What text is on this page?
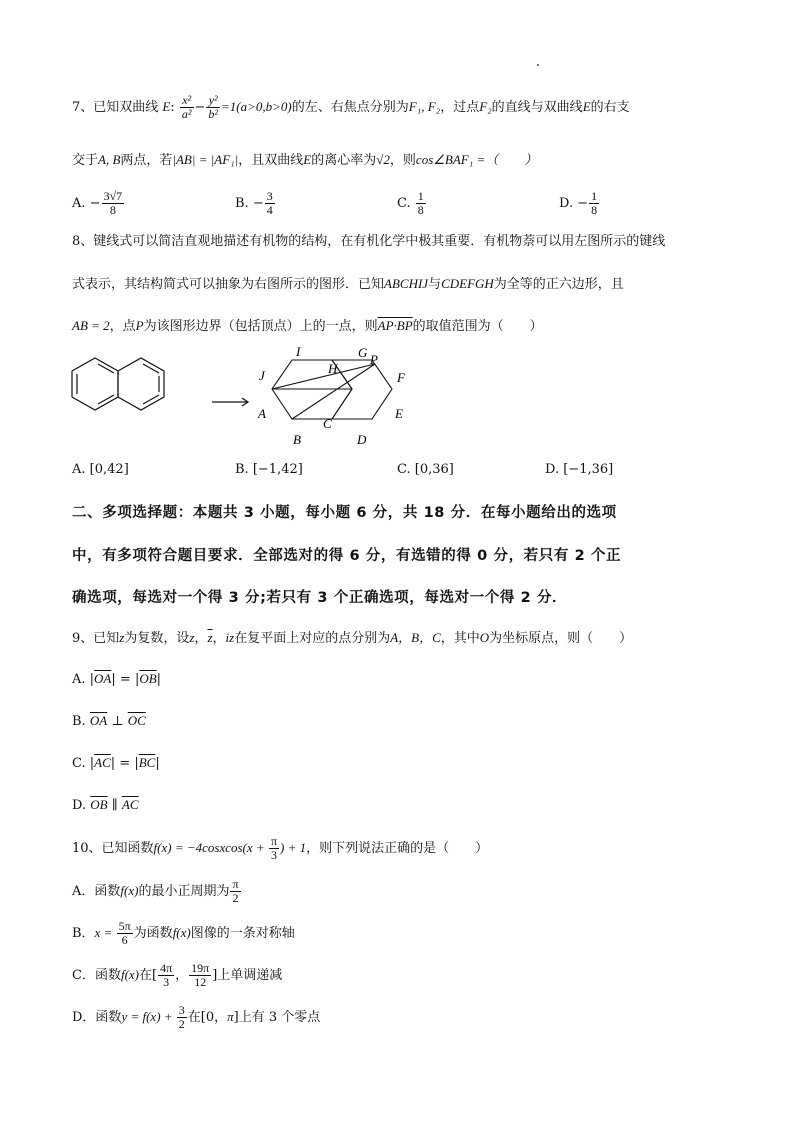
7、已知双曲线 E: $\frac{\text{x²}}{\text{a²}} - \frac{\text{y²}}{\text{b²}} =1(a>0,b>0)$的左、右焦点分别为F₁, F₂，过点F₂的直线与双曲线E的右支
交于A, B两点，若|AB| = |AF₁|，且双曲线E的离心率为√2，则cos∠BAF₁ =（　　）
A. − $\frac{3√7}{8}$	B. − $\frac{3}{4}$	C. $\frac{1}{8}$	D. − $\frac{1}{8}$
8、键线式可以简洁直观地描述有机物的结构，在有机化学中极其重要．有机物萘可以用左图所示的键线
式表示，其结构简式可以抽象为右图所示的图形．已知ABCHIJ与CDEFGH为全等的正六边形，且
AB = 2，点P为该图形边界（包括顶点）上的一点，则AP·BP的取值范围为（　　）
I	G P
H
J	F
A
C
E
B	D
A. [0,42]	B. [−1,42]	C. [0,36]	D. [−1,36]
二、多项选择题：本题共 3 小题，每小题 6 分，共 18 分．在每小题给出的选项
中，有多项符合题目要求．全部选对的得 6 分，有选错的得 0 分，若只有 2 个正
确选项，每选对一个得 3 分;若只有 3 个正确选项，每选对一个得 2 分．
9、已知z为复数，设z，$\overline{z}$，iz在复平面上对应的点分别为A，B，C，其中O为坐标原点，则（　　）
A. $|\overline{OA}| = |\overline{OB}|$
B. $\overline{OA}$ ⊥ $\overline{OC}$
C. $|\overline{AC}| = |\overline{BC}|$
D. $\overline{OB}$ ∥ $\overline{AC}$
10、已知函数f(x) = −4cosxcos(x + $\frac{\pi}{3}$ ) + 1，则下列说法正确的是（　　）
A．函数f(x)的最小正周期为 $\frac{\pi}{2}$
B．$x = \frac{5\pi}{6}$ 为函数f(x)图像的一条对称轴
C．函数f(x)在[ $\frac{4\pi}{3}$ ， $\frac{19\pi}{12}$ ]上单调递减
D．函数$y = f(x) + \frac{3}{2}$ 在[0，π]上有 3 个零点
